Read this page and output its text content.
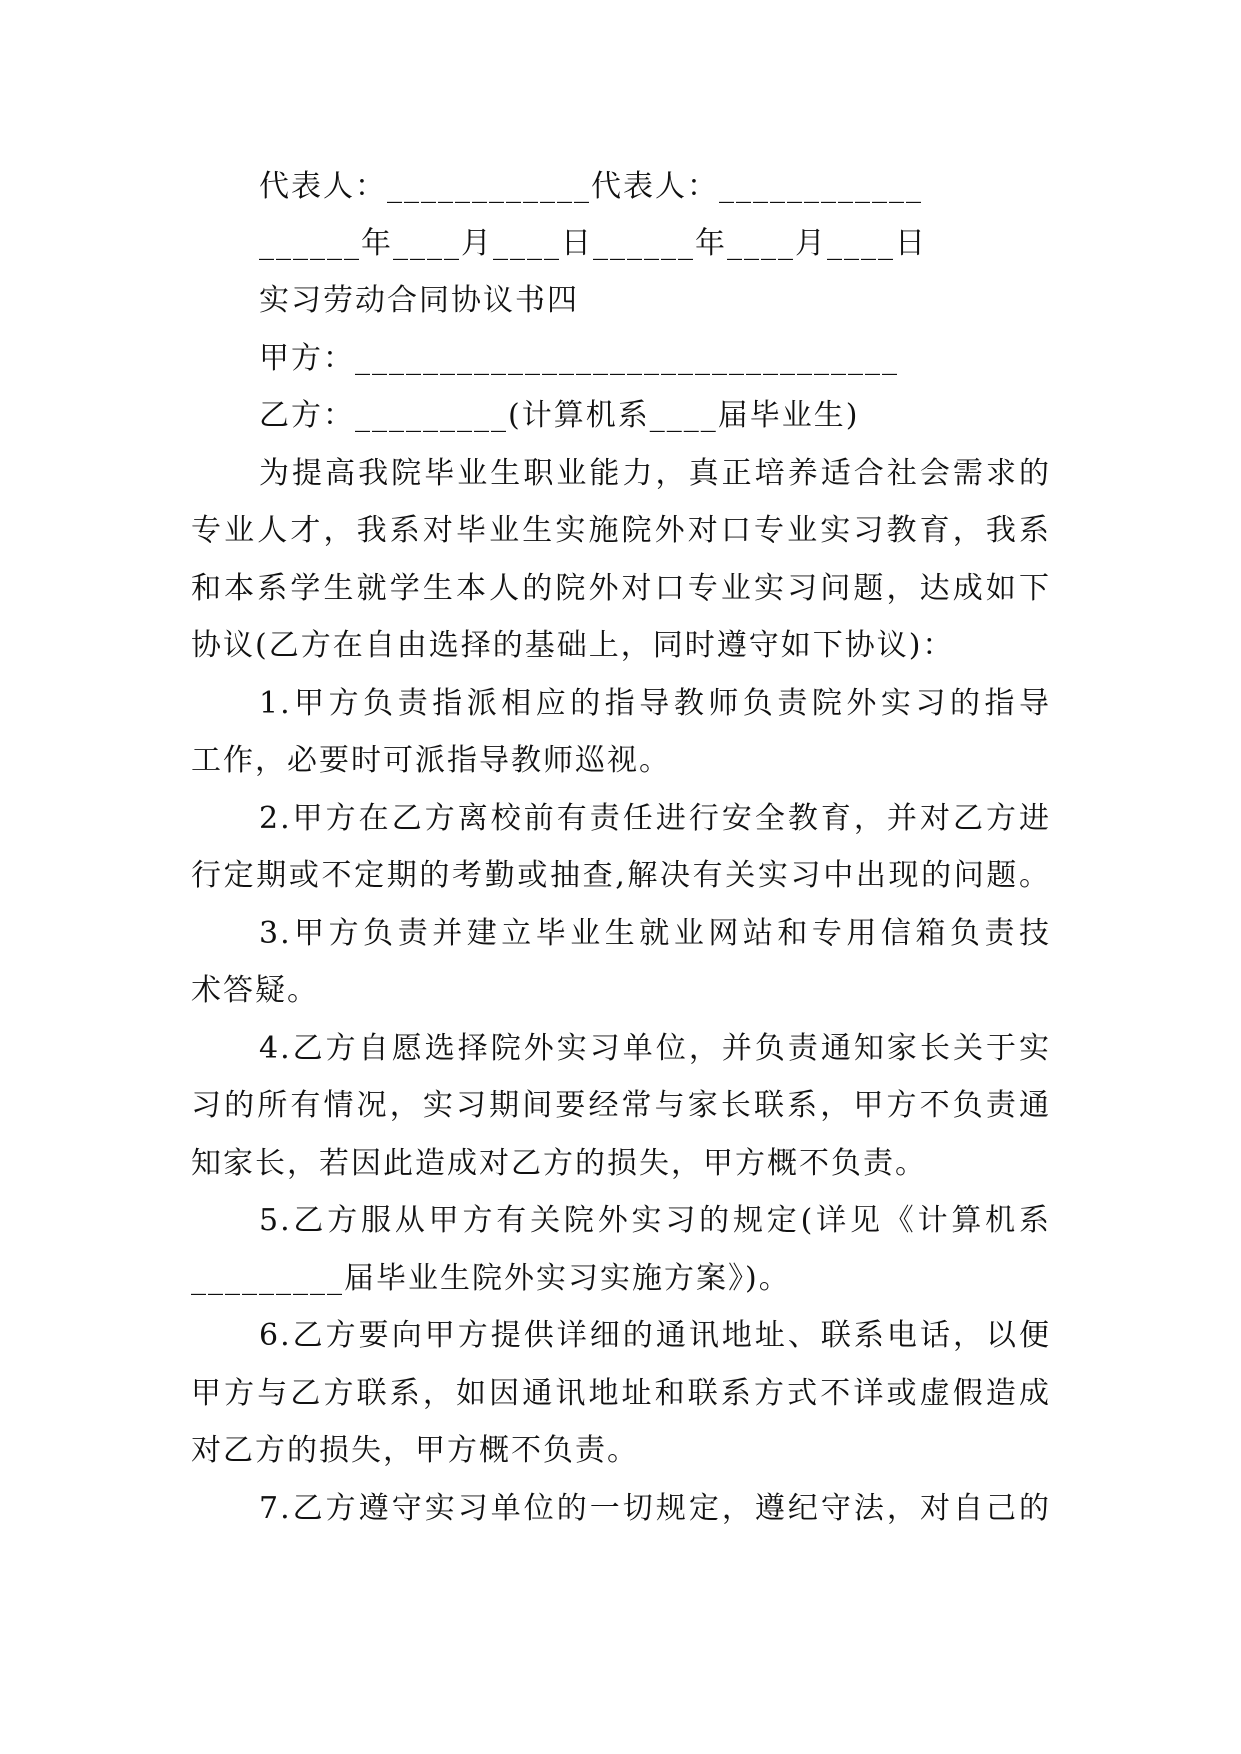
代表人：____________代表人：____________
______年____月____日______年____月____日
实习劳动合同协议书四
甲方：________________________________
乙方：_________(计算机系____届毕业生)
为提高我院毕业生职业能力，真正培养适合社会需求的
专业人才，我系对毕业生实施院外对口专业实习教育，我系
和本系学生就学生本人的院外对口专业实习问题，达成如下
协议(乙方在自由选择的基础上，同时遵守如下协议)：
1.甲方负责指派相应的指导教师负责院外实习的指导
工作，必要时可派指导教师巡视。
2.甲方在乙方离校前有责任进行安全教育，并对乙方进
行定期或不定期的考勤或抽查,解决有关实习中出现的问题。
3.甲方负责并建立毕业生就业网站和专用信箱负责技
术答疑。
4.乙方自愿选择院外实习单位，并负责通知家长关于实
习的所有情况，实习期间要经常与家长联系，甲方不负责通
知家长，若因此造成对乙方的损失，甲方概不负责。
5.乙方服从甲方有关院外实习的规定(详见《计算机系
_________届毕业生院外实习实施方案》)。
6.乙方要向甲方提供详细的通讯地址、联系电话，以便
甲方与乙方联系，如因通讯地址和联系方式不详或虚假造成
对乙方的损失，甲方概不负责。
7.乙方遵守实习单位的一切规定，遵纪守法，对自己的
